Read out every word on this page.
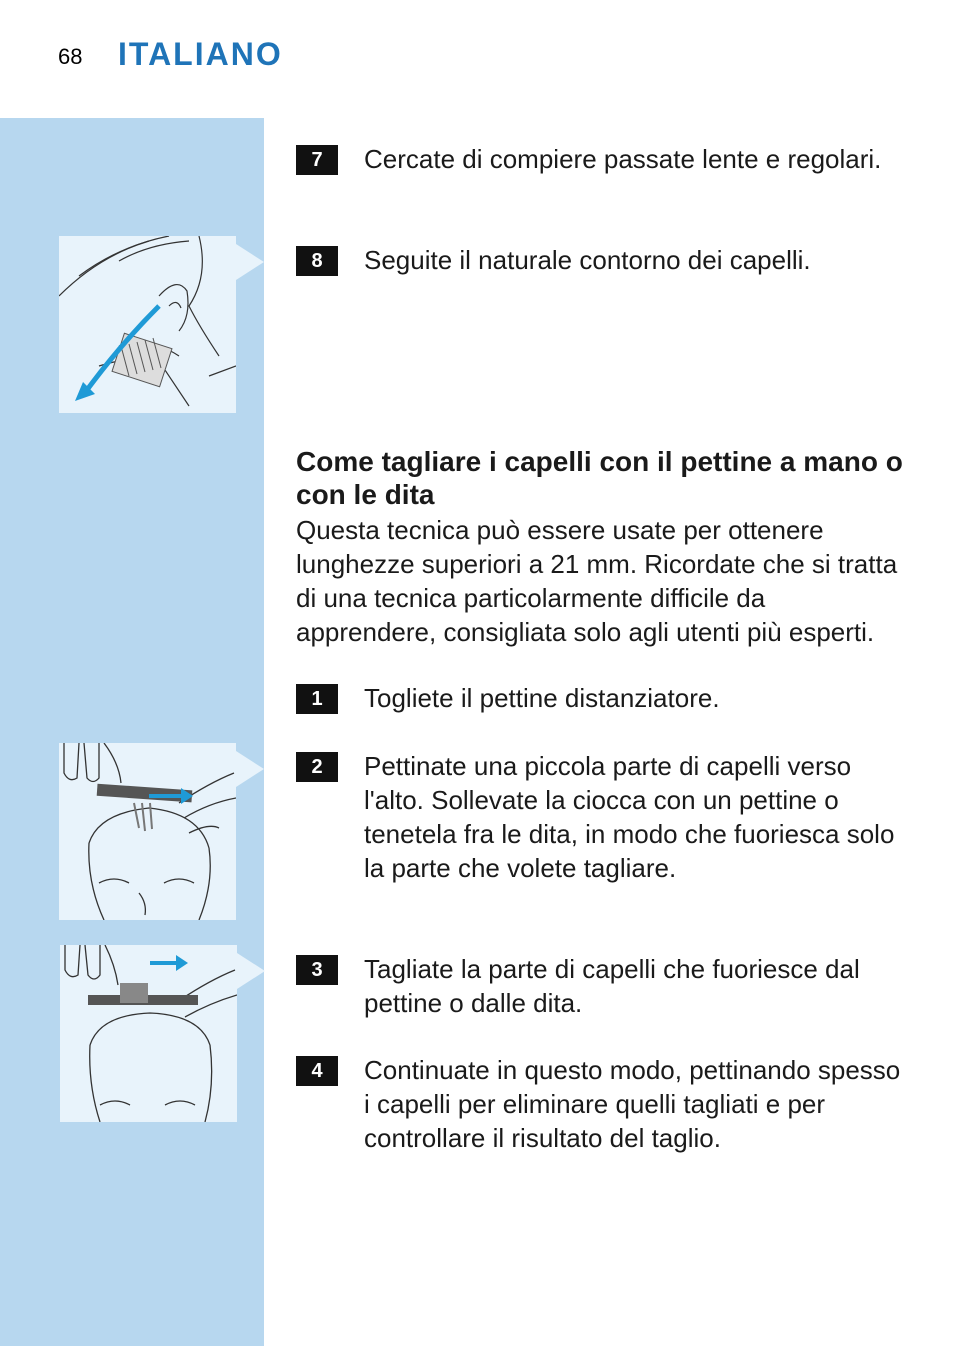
68 ITALIANO
7	Cercate di compiere passate lente e regolari.
8	Seguite il naturale contorno dei capelli.
Come tagliare i capelli con il pettine a mano o con le dita
Questa tecnica può essere usate per ottenere lunghezze superiori a 21 mm. Ricordate che si tratta di una tecnica particolarmente difficile da apprendere, consigliata solo agli utenti più esperti.
1	Togliete il pettine distanziatore.
2	Pettinate una piccola parte di capelli verso l'alto. Sollevate la ciocca con un pettine o tenetela fra le dita, in modo che fuoriesca solo la parte che volete tagliare.
3	Tagliate la parte di capelli che fuoriesce dal pettine o dalle dita.
4	Continuate in questo modo, pettinando spesso i capelli per eliminare quelli tagliati e per controllare il risultato del taglio.
